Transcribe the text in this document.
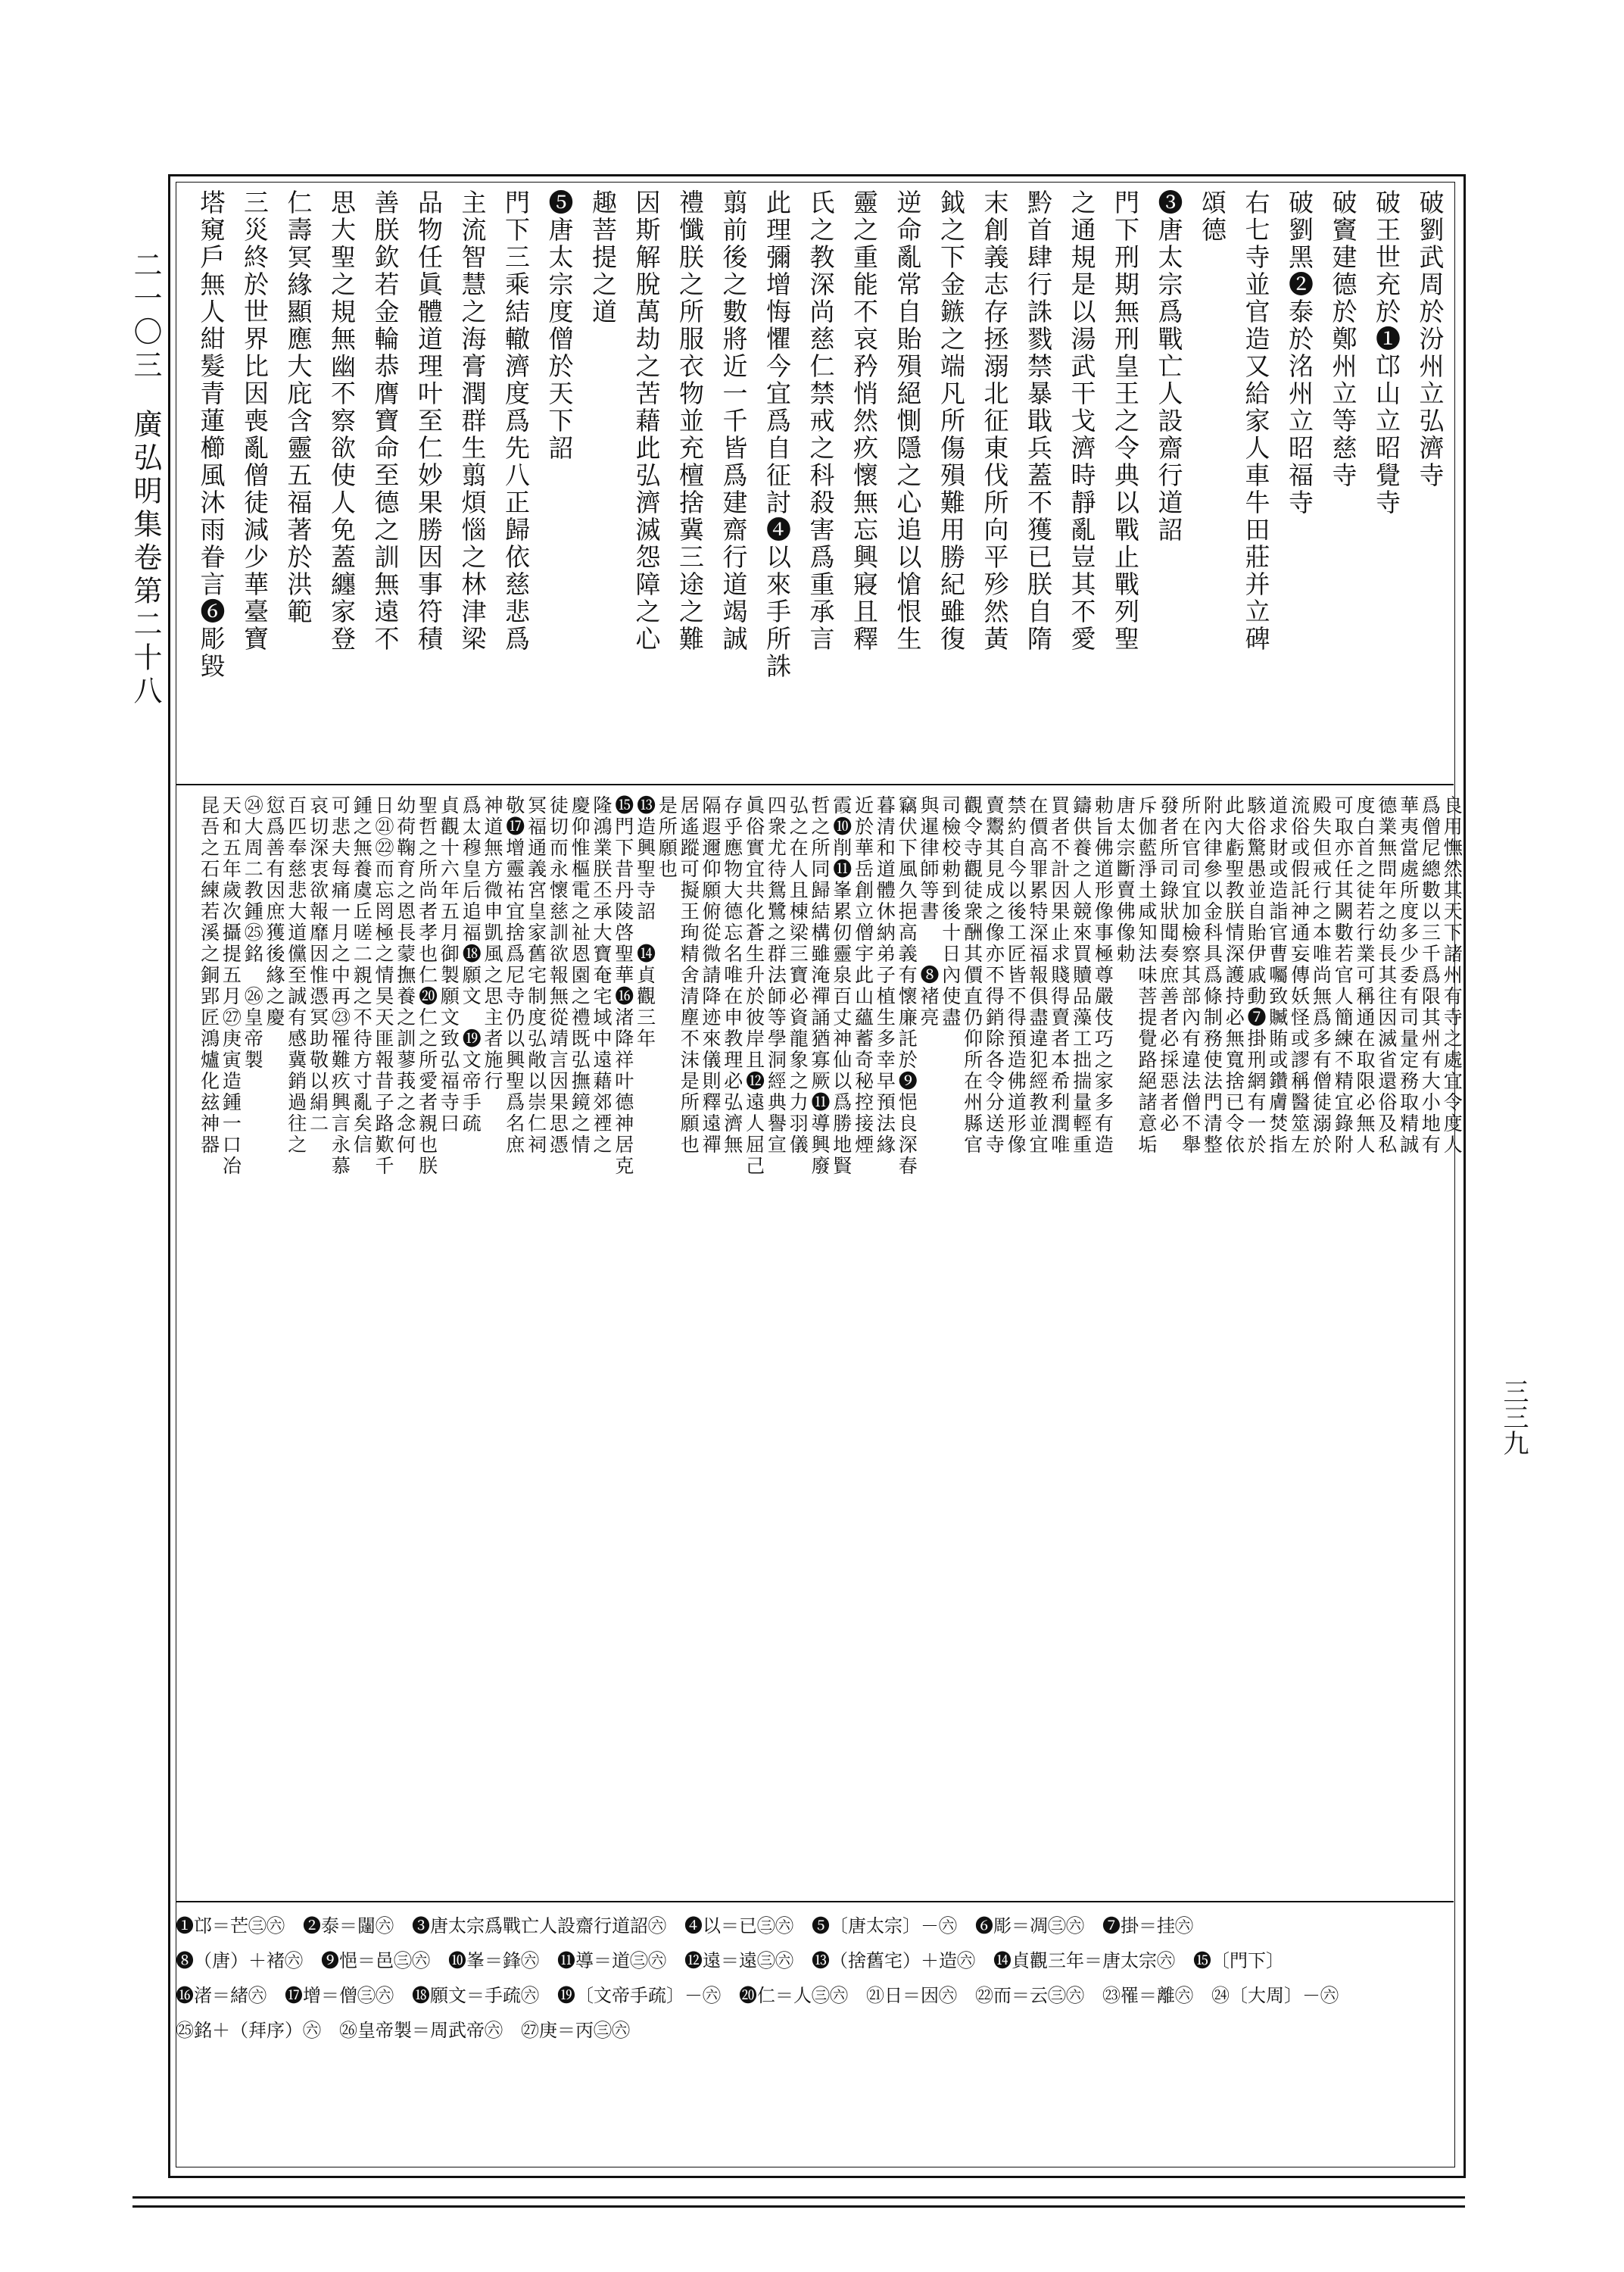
二一〇三
廣弘明集卷第二十八
三三九
破劉武周於汾州立弘濟寺
破王世充於❶邙山立昭覺寺
破竇建德於鄭州立等慈寺
破劉黑❷泰於洺州立昭福寺
右七寺並官造又給家人車牛田莊并立碑
頌德
❸唐太宗爲戰亡人設齋行道詔
門下刑期無刑皇王之令典以戰止戰列聖
之通規是以湯武干戈濟時靜亂豈其不愛
黔首肆行誅戮禁暴戢兵蓋不獲已朕自隋
末創義志存拯溺北征東伐所向平殄然黃
鉞之下金鏃之端凡所傷殞難用勝紀雖復
逆命亂常自貽殞絕惻隱之心追以愴恨生
靈之重能不哀矜悄然疚懷無忘興寢且釋
氏之教深尚慈仁禁戒之科殺害爲重承言
此理彌增悔懼今宜爲自征討❹以來手所誅
翦前後之數將近一千皆爲建齋行道竭誠
禮懺朕之所服衣物並充檀捨冀三途之難
因斯解脫萬劫之苦藉此弘濟滅怨障之心
趣菩提之道
❺唐太宗度僧於天下詔
門下三乘結轍濟度爲先八正歸依慈悲爲
主流智慧之海膏潤群生翦煩惱之林津梁
品物任眞體道理叶至仁妙果勝因事符積
善朕欽若金輪恭膺寶命至德之訓無遠不
思大聖之規無幽不察欲使人免蓋纏家登
仁壽冥緣顯應大庇含靈五福著於洪範
三災終於世界比因喪亂僧徒減少華臺寶
塔窺戶無人紺髮青蓮櫛風沐雨眷言❻彫毀
良用憮然其天下諸州有寺之處宜令度人
爲僧尼總數以三千爲限其州有大小地有
華夷當處所度多少委有司量定務取精誠
德業無問年之幼長其往因滅省還俗及私
度白首之徒若行業可稱通在取限必無人
可取亦任其闕數若官人簡練不精宜錄附
殿失但戒行之本唯尚無爲多有僧徒溺於
流俗或假託神通妄傳妖怪或謬稱醫筮左
道求財或造詣官曹囑致贓賄或鑽膚焚指
駭俗驚愚並自貽伊戚動❼掛刑網有一於
此大虧聖教朕情深護持必無寬捨已令依
附內律參以金科具爲條制務使法門清整
所在官司宜加檢察其部內有違法僧不舉
發者所司錄狀聞奏庶善者必採惡者必
斥伽藍淨土咸知法味菩提覺路絕諸意垢
唐太宗斷賣佛像勅
勅旨佛道形像事極尊嚴伎巧之家多有造
鑄供養之人競來買贖品藻工拙揣量輕重
買者不計因果止求賤得賣者本希利潤唯
在價高罪累特深福報俱盡違犯經教並宜
禁約自今以後工匠皆不得預造佛道形像
賣鬻其見成之像亦不得銷除各令分送寺
觀令寺觀徒衆酬其價直仍仰所在州縣官
司檢校勅到後十日內使盡
與暹律師等書　　❽褚亮
竊伏下風久挹高義有懷廉託於❾悒良深春
暮清和道體休納弟子植生多幸早預法緣
近於華岳創立僧宇此山蘊蓄奇秘控接煙
霞❿削⓫峯累仞靈泉百丈神仙以爲勝地賢
哲之所同歸結構雖淹禪誦猶寡厥⓫導興廢
弘之在人且棟梁三寶必資龍象之力羽儀
四衆尤待鴛鷺之群法師等學洞經典譽宣
眞俗實宜共化蒼生升於彼岸且⓬遠人屈己
存乎應物大德忘名唯在申教理必弘濟無
隔遐邇仰願俯從微請降迹來儀則釋遠禪
居遙蹤可擬王珣精舍清塵不沫是所願也
是所願也
⓭造興聖寺詔　⓮貞觀三年
⓯門下昔丹陵啓聖華⓰渚降祥叶德神居克
隆鴻業朕丕承大寶奄宅域中遠藉郊禋之
慶仰惟樞電之祉恩園之禮既弘撫鏡之情
徒切而永懷慈訓欲報無從靖言因果思憑
冥福通義宮皇家舊宅制度弘敞以崇仁祠
敬⓱增靈祐宜捨爲尼寺仍以興聖爲名庶
神道無方微申凱風之思主者施行
爲太穆皇后追福⓲願文　⓳文帝手疏
貞觀十六年五月御製願文致弘福寺曰
聖哲之所尚者孝也仁⓴仁之所愛者親也朕
幼荷鞠育之恩長蒙撫養之訓蓼莪之念何
日㉑㉒而忘罔極之情昊天匪報昔子路歎千
鍾之無養虞丘嗟二親之不待方寸亂矣信
可悲夫每痛一月之中再㉓罹難疚興言永慕
哀切深衷欲報靡因惟憑冥助敬以絹二
百匹奉慈悲大道儻至誠有感冀銷過往之
愆爲善有因庶獲後緣之慶
㉔大周二教鍾㉕銘　㉖皇帝製
天和五年歲次攝提五月㉗庚寅造鍾一口冶
昆吾之石練若溪之銅郢匠鴻爐化玆神器
❶邙＝芒㊂㊅　❷泰＝闥㊅　❸唐太宗爲戰亡人設齋行道詔㊅　❹以＝已㊂㊅　❺〔唐太宗〕－㊅　❻彫＝凋㊂㊅　❼掛＝挂㊅
❽（唐）＋褚㊅　❾悒＝邑㊂㊅　❿峯＝鋒㊅　⓫導＝道㊂㊅　⓬遠＝遠㊂㊅　⓭（捨舊宅）＋造㊅　⓮貞觀三年＝唐太宗㊅　⓯〔門下〕
⓰渚＝緒㊅　⓱增＝僧㊂㊅　⓲願文＝手疏㊅　⓳〔文帝手疏〕－㊅　⓴仁＝人㊂㊅　㉑日＝因㊅　㉒而＝云㊂㊅　㉓罹＝離㊅　㉔〔大周〕－㊅
㉕銘＋（拜序）㊅　㉖皇帝製＝周武帝㊅　㉗庚＝丙㊂㊅
